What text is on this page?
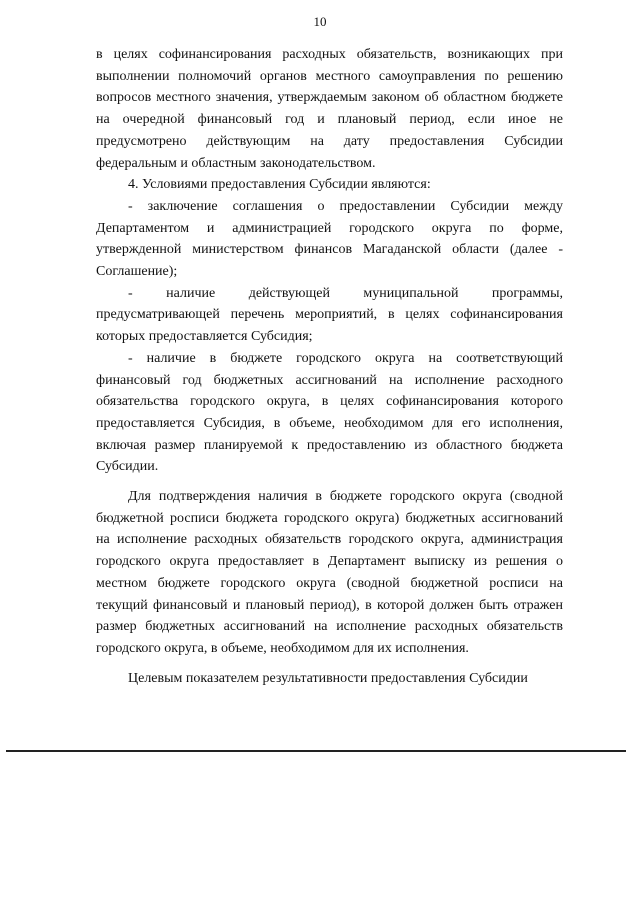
10

в целях софинансирования расходных обязательств, возникающих при выполнении полномочий органов местного самоуправления по решению вопросов местного значения, утверждаемым законом об областном бюджете на очередной финансовый год и плановый период, если иное не предусмотрено действующим на дату предоставления Субсидии федеральным и областным законодательством.

4. Условиями предоставления Субсидии являются:

- заключение соглашения о предоставлении Субсидии между Департаментом и администрацией городского округа по форме, утвержденной министерством финансов Магаданской области (далее - Соглашение);

- наличие действующей муниципальной программы, предусматривающей перечень мероприятий, в целях софинансирования которых предоставляется Субсидия;

- наличие в бюджете городского округа на соответствующий финансовый год бюджетных ассигнований на исполнение расходного обязательства городского округа, в целях софинансирования которого предоставляется Субсидия, в объеме, необходимом для его исполнения, включая размер планируемой к предоставлению из областного бюджета Субсидии.

Для подтверждения наличия в бюджете городского округа (сводной бюджетной росписи бюджета городского округа) бюджетных ассигнований на исполнение расходных обязательств городского округа, администрация городского округа предоставляет в Департамент выписку из решения о местном бюджете городского округа (сводной бюджетной росписи на текущий финансовый и плановый период), в которой должен быть отражен размер бюджетных ассигнований на исполнение расходных обязательств городского округа, в объеме, необходимом для их исполнения.

Целевым показателем результативности предоставления Субсидии
